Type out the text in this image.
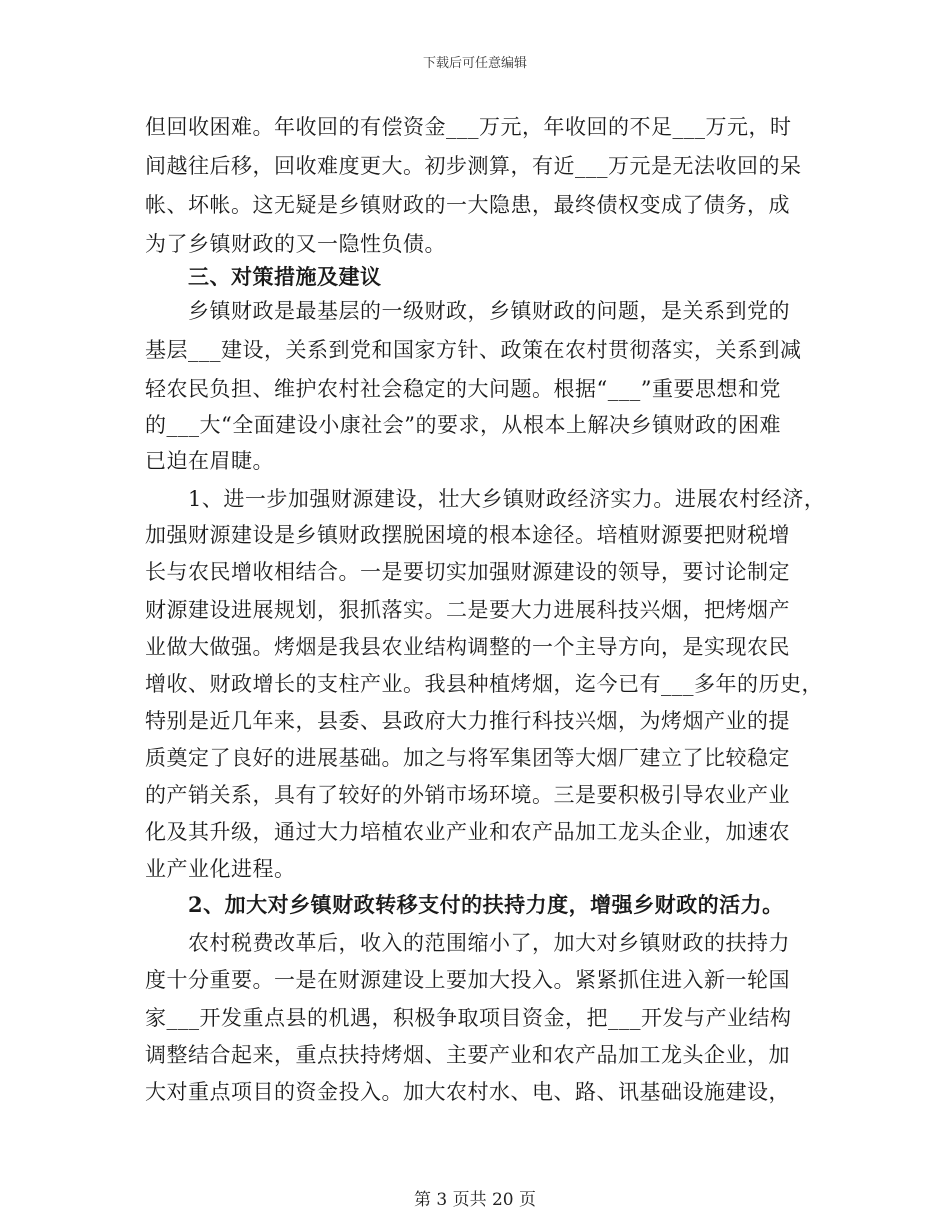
下载后可任意编辑
但回收困难。年收回的有偿资金___万元，年收回的不足___万元，时
间越往后移，回收难度更大。初步测算，有近___万元是无法收回的呆
帐、坏帐。这无疑是乡镇财政的一大隐患，最终债权变成了债务，成
为了乡镇财政的又一隐性负债。
三、对策措施及建议
乡镇财政是最基层的一级财政，乡镇财政的问题，是关系到党的
基层___建设，关系到党和国家方针、政策在农村贯彻落实，关系到减
轻农民负担、维护农村社会稳定的大问题。根据“___”重要思想和党
的___大“全面建设小康社会”的要求，从根本上解决乡镇财政的困难
已迫在眉睫。
1、进一步加强财源建设，壮大乡镇财政经济实力。进展农村经济，
加强财源建设是乡镇财政摆脱困境的根本途径。培植财源要把财税增
长与农民增收相结合。一是要切实加强财源建设的领导，要讨论制定
财源建设进展规划，狠抓落实。二是要大力进展科技兴烟，把烤烟产
业做大做强。烤烟是我县农业结构调整的一个主导方向，是实现农民
增收、财政增长的支柱产业。我县种植烤烟，迄今已有___多年的历史，
特别是近几年来，县委、县政府大力推行科技兴烟，为烤烟产业的提
质奠定了良好的进展基础。加之与将军集团等大烟厂建立了比较稳定
的产销关系，具有了较好的外销市场环境。三是要积极引导农业产业
化及其升级，通过大力培植农业产业和农产品加工龙头企业，加速农
业产业化进程。
2、加大对乡镇财政转移支付的扶持力度，增强乡财政的活力。
农村税费改革后，收入的范围缩小了，加大对乡镇财政的扶持力
度十分重要。一是在财源建设上要加大投入。紧紧抓住进入新一轮国
家___开发重点县的机遇，积极争取项目资金，把___开发与产业结构
调整结合起来，重点扶持烤烟、主要产业和农产品加工龙头企业，加
大对重点项目的资金投入。加大农村水、电、路、讯基础设施建设，
第 3 页共 20 页
